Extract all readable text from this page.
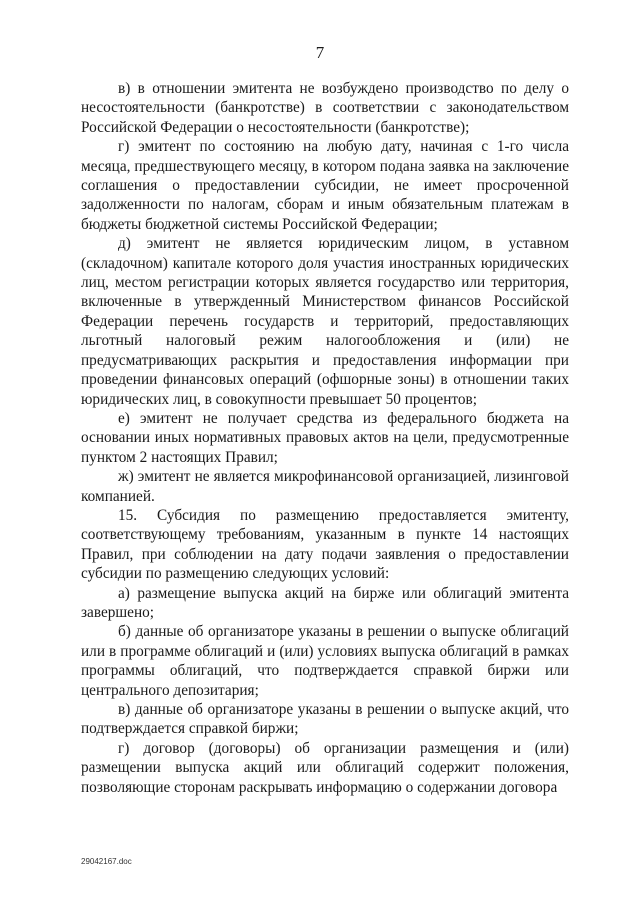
7

в) в отношении эмитента не возбуждено производство по делу о несостоятельности (банкротстве) в соответствии с законодательством Российской Федерации о несостоятельности (банкротстве);

г) эмитент по состоянию на любую дату, начиная с 1-го числа месяца, предшествующего месяцу, в котором подана заявка на заключение соглашения о предоставлении субсидии, не имеет просроченной задолженности по налогам, сборам и иным обязательным платежам в бюджеты бюджетной системы Российской Федерации;

д) эмитент не является юридическим лицом, в уставном (складочном) капитале которого доля участия иностранных юридических лиц, местом регистрации которых является государство или территория, включенные в утвержденный Министерством финансов Российской Федерации перечень государств и территорий, предоставляющих льготный налоговый режим налогообложения и (или) не предусматривающих раскрытия и предоставления информации при проведении финансовых операций (офшорные зоны) в отношении таких юридических лиц, в совокупности превышает 50 процентов;

е) эмитент не получает средства из федерального бюджета на основании иных нормативных правовых актов на цели, предусмотренные пунктом 2 настоящих Правил;

ж) эмитент не является микрофинансовой организацией, лизинговой компанией.

15. Субсидия по размещению предоставляется эмитенту, соответствующему требованиям, указанным в пункте 14 настоящих Правил, при соблюдении на дату подачи заявления о предоставлении субсидии по размещению следующих условий:

а) размещение выпуска акций на бирже или облигаций эмитента завершено;

б) данные об организаторе указаны в решении о выпуске облигаций или в программе облигаций и (или) условиях выпуска облигаций в рамках программы облигаций, что подтверждается справкой биржи или центрального депозитария;

в) данные об организаторе указаны в решении о выпуске акций, что подтверждается справкой биржи;

г) договор (договоры) об организации размещения и (или) размещении выпуска акций или облигаций содержит положения, позволяющие сторонам раскрывать информацию о содержании договора

29042167.doc
